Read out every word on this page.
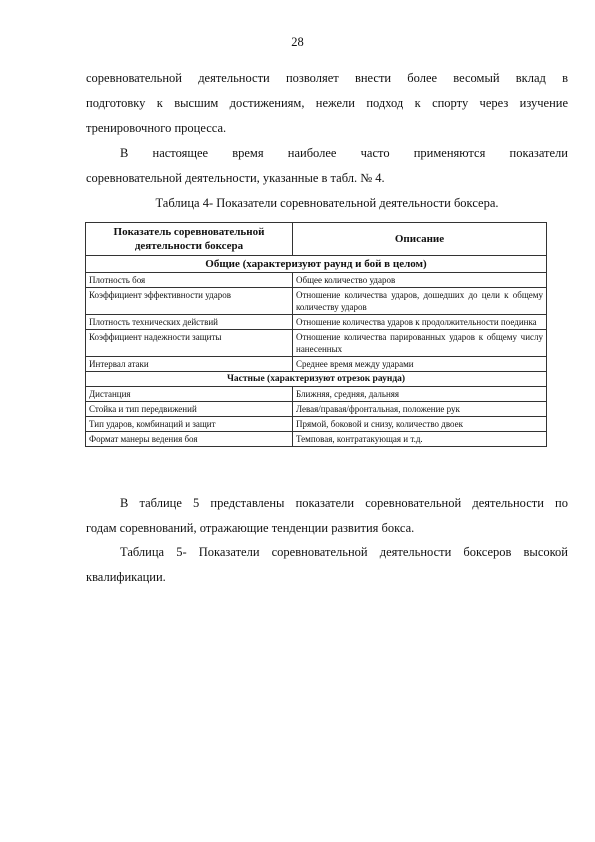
28
соревновательной деятельности позволяет внести более весомый вклад в
подготовку к высшим достижениям, нежели подход к спорту через изучение
тренировочного процесса.
В настоящее время наиболее часто применяются показатели
соревновательной деятельности, указанные в табл. № 4.
Таблица 4- Показатели соревновательной деятельности боксера.
Показатель соревновательной деятельности боксера	Описание
Общие (характеризуют раунд и бой в целом)	
Плотность боя	Общее количество ударов
Коэффициент эффективности ударов	Отношение количества ударов, дошедших до цели к общему количеству ударов
Плотность технических действий	Отношение количества ударов к продолжительности поединка
Коэффициент надежности защиты	Отношение количества парированных ударов к общему числу нанесенных
Интервал атаки	Среднее время между ударами
Частные (характеризуют отрезок раунда)	
Дистанция	Ближняя, средняя, дальняя
Стойка и тип передвижений	Левая/правая/фронтальная, положение рук
Тип ударов, комбинаций и защит	Прямой, боковой и снизу, количество двоек
Формат манеры ведения боя	Темповая, контратакующая и т.д.
В таблице 5 представлены показатели соревновательной деятельности по
годам соревнований, отражающие тенденции развития бокса.
Таблица 5- Показатели соревновательной деятельности боксеров высокой
квалификации.
